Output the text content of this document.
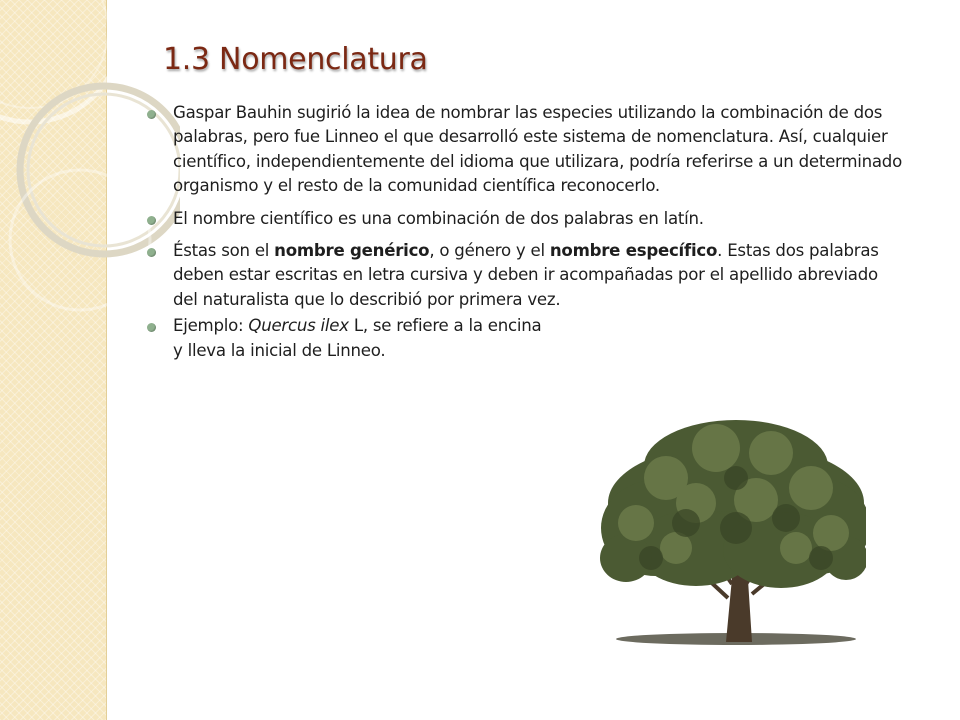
1.3 Nomenclatura

Gaspar Bauhin sugirió la idea de nombrar las especies utilizando la combinación de dos palabras, pero fue Linneo el que desarrolló este sistema de nomenclatura. Así, cualquier científico, independientemente del idioma que utilizara, podría referirse a un determinado organismo y el resto de la comunidad científica reconocerlo.

El nombre científico es una combinación de dos palabras en latín.

Éstas son el nombre genérico, o género y el nombre específico. Estas dos palabras deben estar escritas en letra cursiva y deben ir acompañadas por el apellido abreviado del naturalista que lo describió por primera vez.

Ejemplo: Quercus ilex L, se refiere a la encina
y lleva la inicial de Linneo.
